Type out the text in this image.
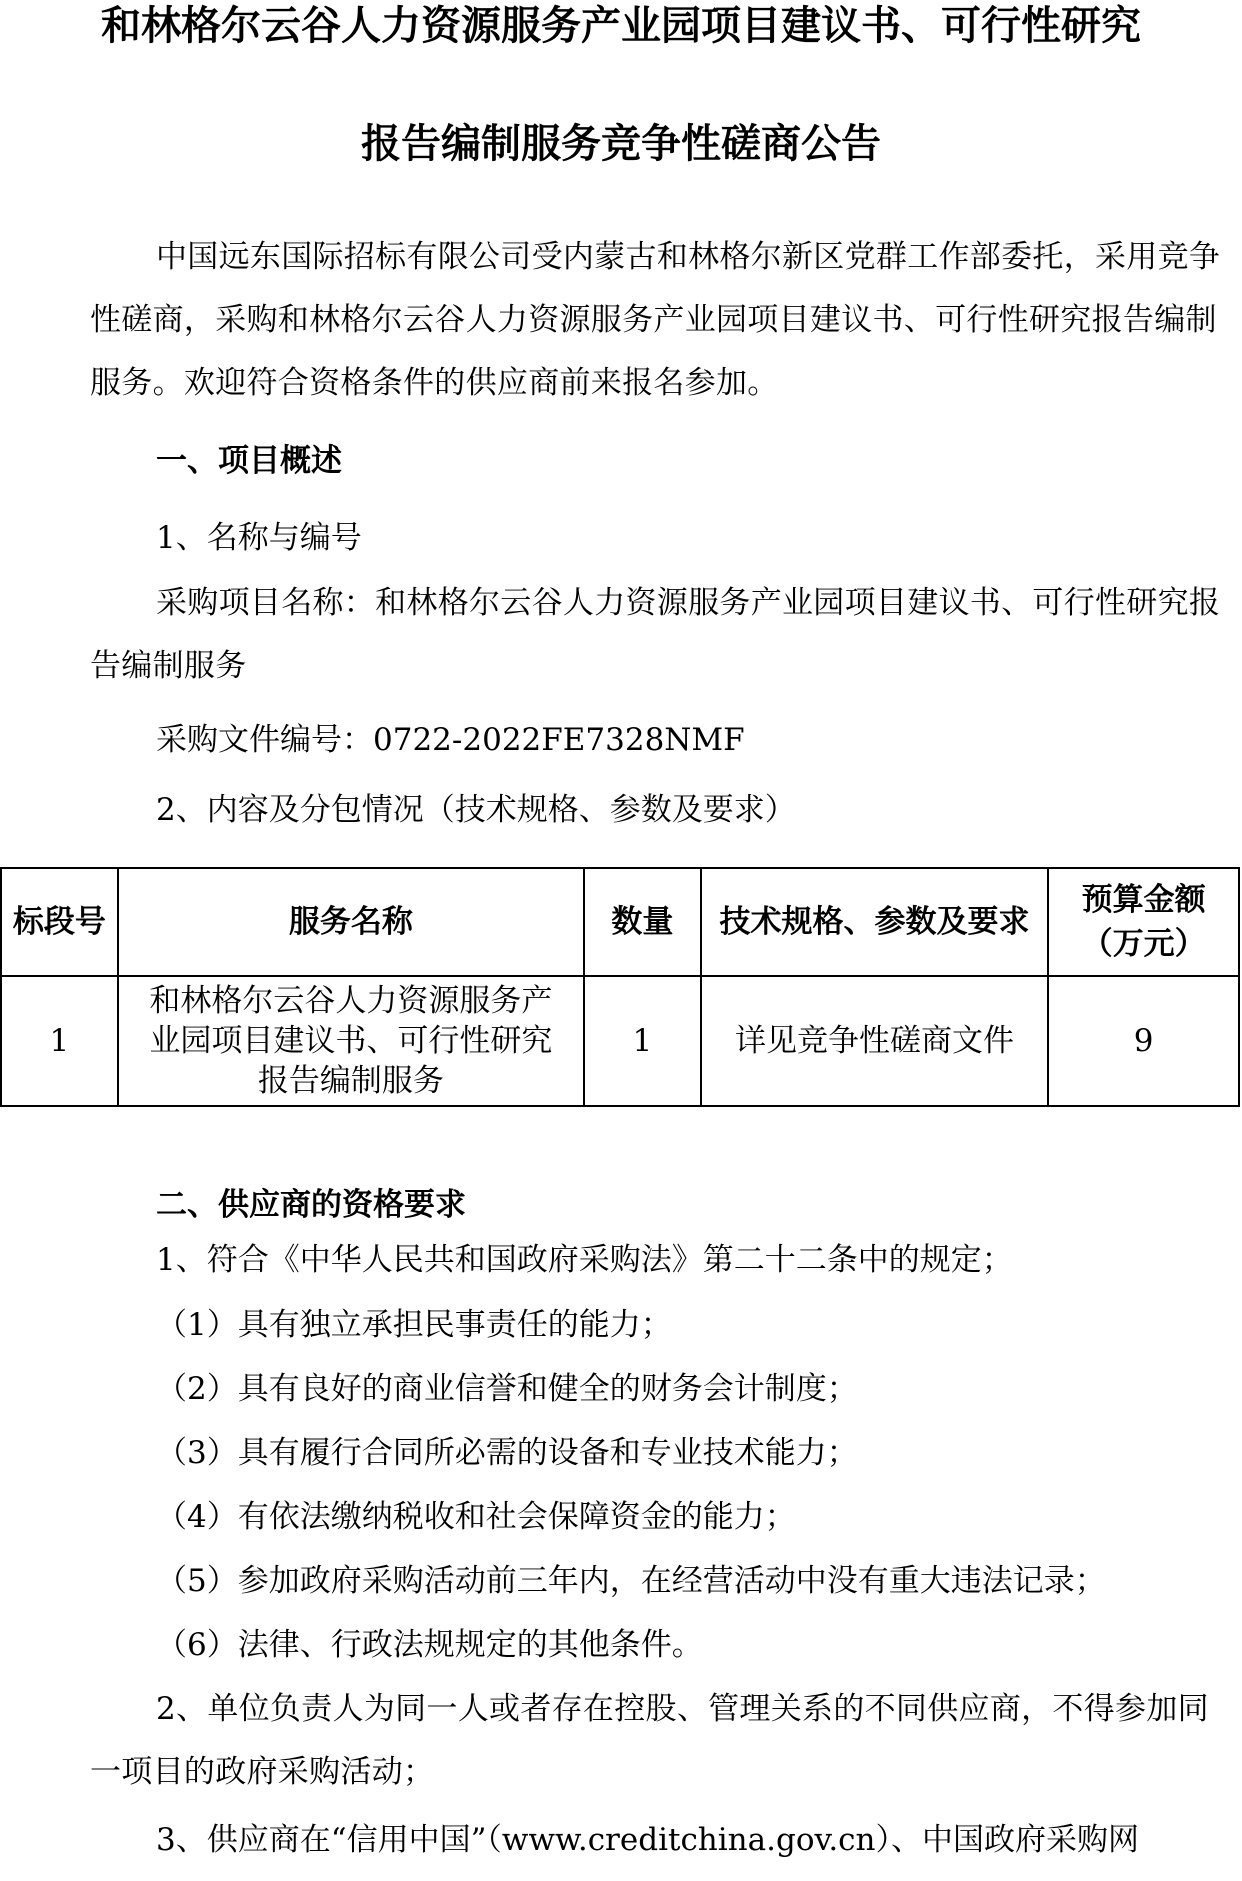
和林格尔云谷人力资源服务产业园项目建议书、可行性研究
报告编制服务竞争性磋商公告
中国远东国际招标有限公司受内蒙古和林格尔新区党群工作部委托，采用竞争性磋商，采购和林格尔云谷人力资源服务产业园项目建议书、可行性研究报告编制服务。欢迎符合资格条件的供应商前来报名参加。
一、项目概述
1、名称与编号
采购项目名称：和林格尔云谷人力资源服务产业园项目建议书、可行性研究报告编制服务
采购文件编号：0722-2022FE7328NMF
2、内容及分包情况（技术规格、参数及要求）
标段号	服务名称	数量	技术规格、参数及要求	预算金额（万元）
1	和林格尔云谷人力资源服务产业园项目建议书、可行性研究报告编制服务	1	详见竞争性磋商文件	9
二、供应商的资格要求
1、符合《中华人民共和国政府采购法》第二十二条中的规定；
（1）具有独立承担民事责任的能力；
（2）具有良好的商业信誉和健全的财务会计制度；
（3）具有履行合同所必需的设备和专业技术能力；
（4）有依法缴纳税收和社会保障资金的能力；
（5）参加政府采购活动前三年内，在经营活动中没有重大违法记录；
（6）法律、行政法规规定的其他条件。
2、单位负责人为同一人或者存在控股、管理关系的不同供应商，不得参加同一项目的政府采购活动；
3、供应商在“信用中国”（www.creditchina.gov.cn）、中国政府采购网
